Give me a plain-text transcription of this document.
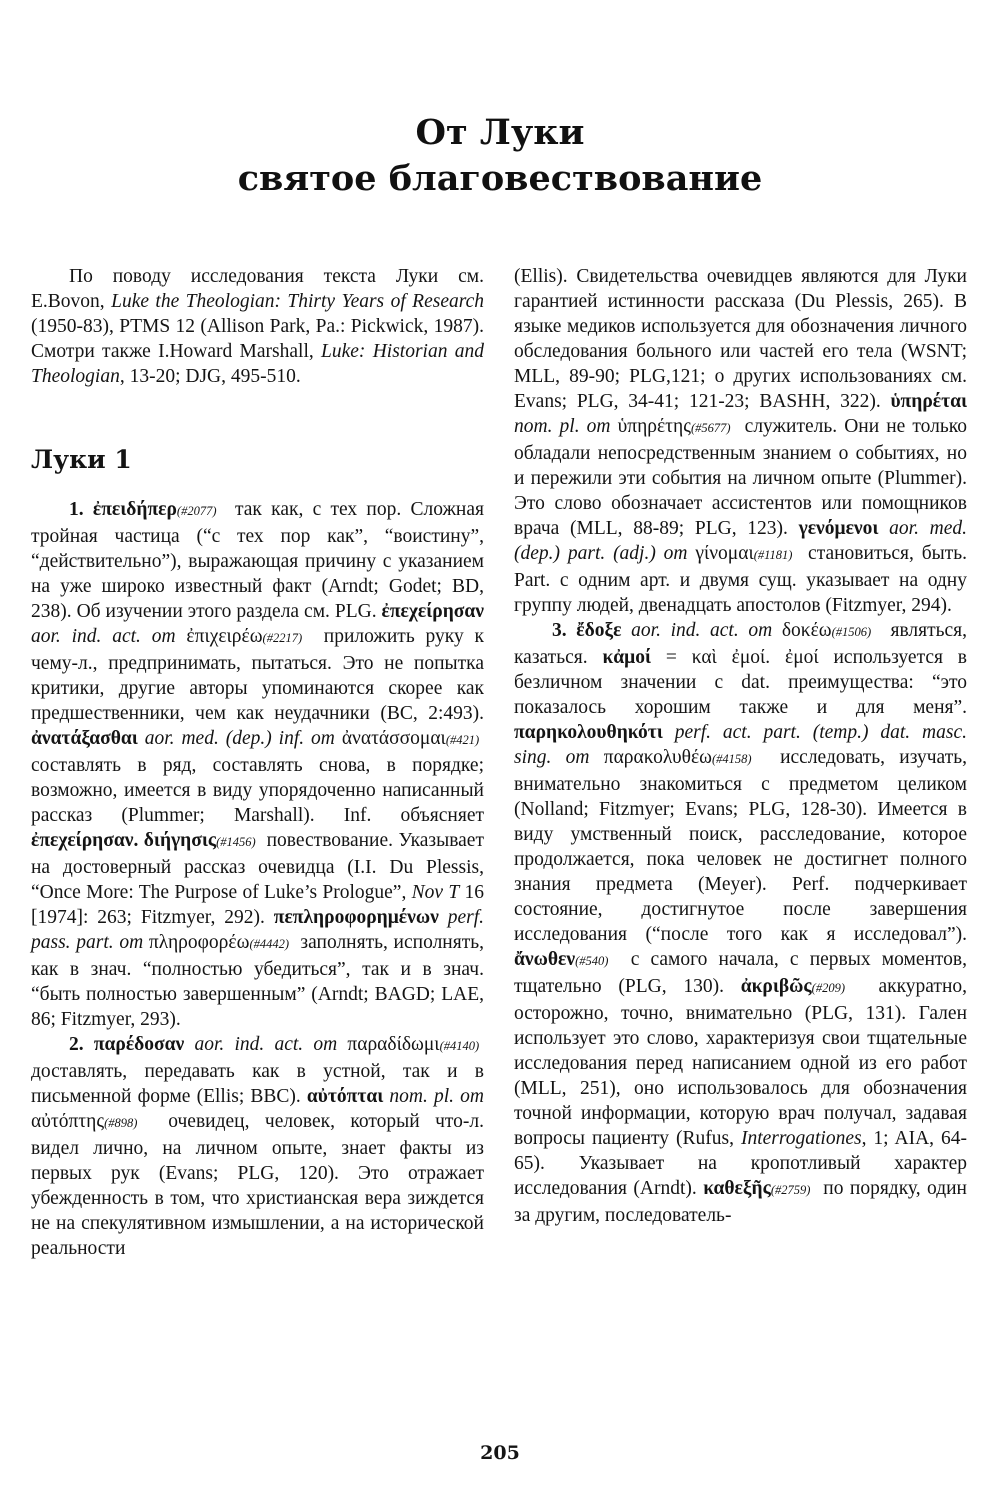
От Луки
святое благовествование

По поводу исследования текста Луки см. E.Bovon, Luke the Theologian: Thirty Years of Research (1950-83), PTMS 12 (Allison Park, Pa.: Pickwick, 1987). Смотри также I.Howard Marshall, Luke: Historian and Theologian, 13-20; DJG, 495-510.

Луки 1

1. ἐπειδήπερ(#2077)  так как, с тех пор. Сложная тройная частица (“с тех пор как”, “воистину”, “действительно”), выражающая причину с указанием на уже широко известный факт (Arndt; Godet; BD, 238). Об изучении этого раздела см. PLG. ἐπεχείρησαν aor. ind. act. от ἐπιχειρέω(#2217)  приложить руку к чему-л., предпринимать, пытаться. Это не попытка критики, другие авторы упоминаются скорее как предшественники, чем как неудачники (BC, 2:493). ἀνατάξασθαι aor. med. (dep.) inf. от ἀνατάσσομαι(#421)  составлять в ряд, составлять снова, в порядке; возможно, имеется в виду упорядоченно написанный рассказ (Plummer; Marshall). Inf. объясняет ἐπεχείρησαν. διήγησις(#1456)  повествование. Указывает на достоверный рассказ очевидца (I.I. Du Plessis, “Once More: The Purpose of Luke’s Prologue”, Nov T 16 [1974]: 263; Fitzmyer, 292). πεπληροφορημένων perf. pass. part. от πληροφορέω(#4442)  заполнять, исполнять, как в знач. “полностью убедиться”, так и в знач. “быть полностью завершенным” (Arndt; BAGD; LAE, 86; Fitzmyer, 293).

2. παρέδοσαν aor. ind. act. от παραδίδωμι(#4140)  доставлять, передавать как в устной, так и в письменной форме (Ellis; BBC). αὐτόπται nom. pl. от αὐτόπτης(#898)  очевидец, человек, который что-л. видел лично, на личном опыте, знает факты из первых рук (Evans; PLG, 120). Это отражает убежденность в том, что христианская вера зиждется не на спекулятивном измышлении, а на исторической реальности

(Ellis). Свидетельства очевидцев являются для Луки гарантией истинности рассказа (Du Plessis, 265). В языке медиков используется для обозначения личного обследования больного или частей его тела (WSNT; MLL, 89-90; PLG,121; о других использованиях см. Evans; PLG, 34-41; 121-23; BASHH, 322). ὑπηρέται nom. pl. от ὑπηρέτης(#5677)  служитель. Они не только обладали непосредственным знанием о событиях, но и пережили эти события на личном опыте (Plummer). Это слово обозначает ассистентов или помощников врача (MLL, 88-89; PLG, 123). γενόμενοι aor. med. (dep.) part. (adj.) от γίνομαι(#1181)  становиться, быть. Part. с одним арт. и двумя сущ. указывает на одну группу людей, двенадцать апостолов (Fitzmyer, 294).

3. ἔδοξε aor. ind. act. от δοκέω(#1506)  являться, казаться. κἀμοί = καὶ ἐμοί. ἐμοί используется в безличном значении с dat. преимущества: “это показалось хорошим также и для меня”. παρηκολουθηκότι perf. act. part. (temp.) dat. masc. sing. от παρακολυθέω(#4158)  исследовать, изучать, внимательно знакомиться с предметом целиком (Nolland; Fitzmyer; Evans; PLG, 128-30). Имеется в виду умственный поиск, расследование, которое продолжается, пока человек не достигнет полного знания предмета (Meyer). Perf. подчеркивает состояние, достигнутое после завершения исследования (“после того как я исследовал”). ἄνωθεν(#540)  с самого начала, с первых моментов, тщательно (PLG, 130). ἀκριβῶς(#209)  аккуратно, осторожно, точно, внимательно (PLG, 131). Гален использует это слово, характеризуя свои тщательные исследования перед написанием одной из его работ (MLL, 251), оно использовалось для обозначения точной информации, которую врач получал, задавая вопросы пациенту (Rufus, Interrogationes, 1; AIA, 64-65). Указывает на кропотливый характер исследования (Arndt). καθεξῆς(#2759)  по порядку, один за другим, последователь-

205
